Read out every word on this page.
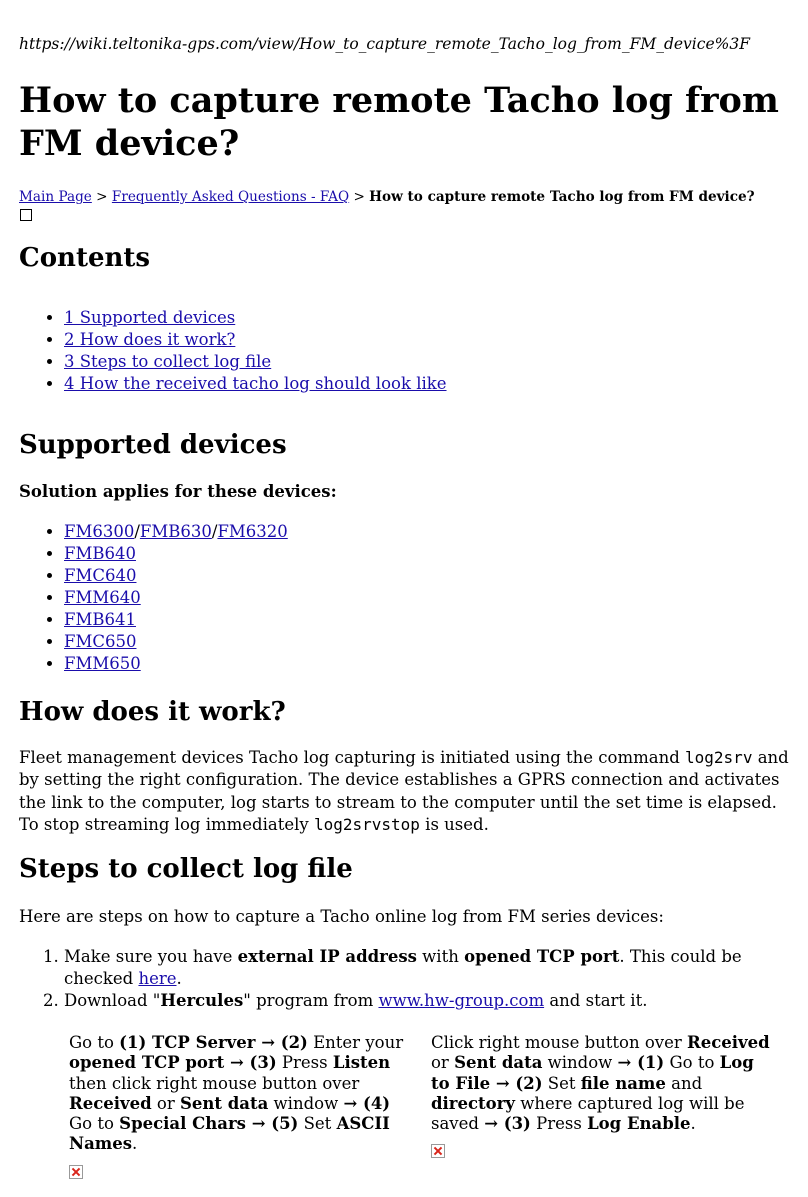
https://wiki.teltonika-gps.com/view/How_to_capture_remote_Tacho_log_from_FM_device%3F
How to capture remote Tacho log from FM device?
Main Page > Frequently Asked Questions - FAQ > How to capture remote Tacho log from FM device?
Contents
• 1 Supported devices
• 2 How does it work?
• 3 Steps to collect log file
• 4 How the received tacho log should look like
Supported devices
Solution applies for these devices:
• FM6300/FMB630/FM6320
• FMB640
• FMC640
• FMM640
• FMB641
• FMC650
• FMM650
How does it work?
Fleet management devices Tacho log capturing is initiated using the command log2srv and by setting the right configuration. The device establishes a GPRS connection and activates the link to the computer, log starts to stream to the computer until the set time is elapsed. To stop streaming log immediately log2srvstop is used.
Steps to collect log file
Here are steps on how to capture a Tacho online log from FM series devices:
1. Make sure you have external IP address with opened TCP port. This could be checked here.
2. Download "Hercules" program from www.hw-group.com and start it.
Go to (1) TCP Server → (2) Enter your opened TCP port → (3) Press Listen then click right mouse button over Received or Sent data window → (4) Go to Special Chars → (5) Set ASCII Names.
Click right mouse button over Received or Sent data window → (1) Go to Log to File → (2) Set file name and directory where captured log will be saved → (3) Press Log Enable.
